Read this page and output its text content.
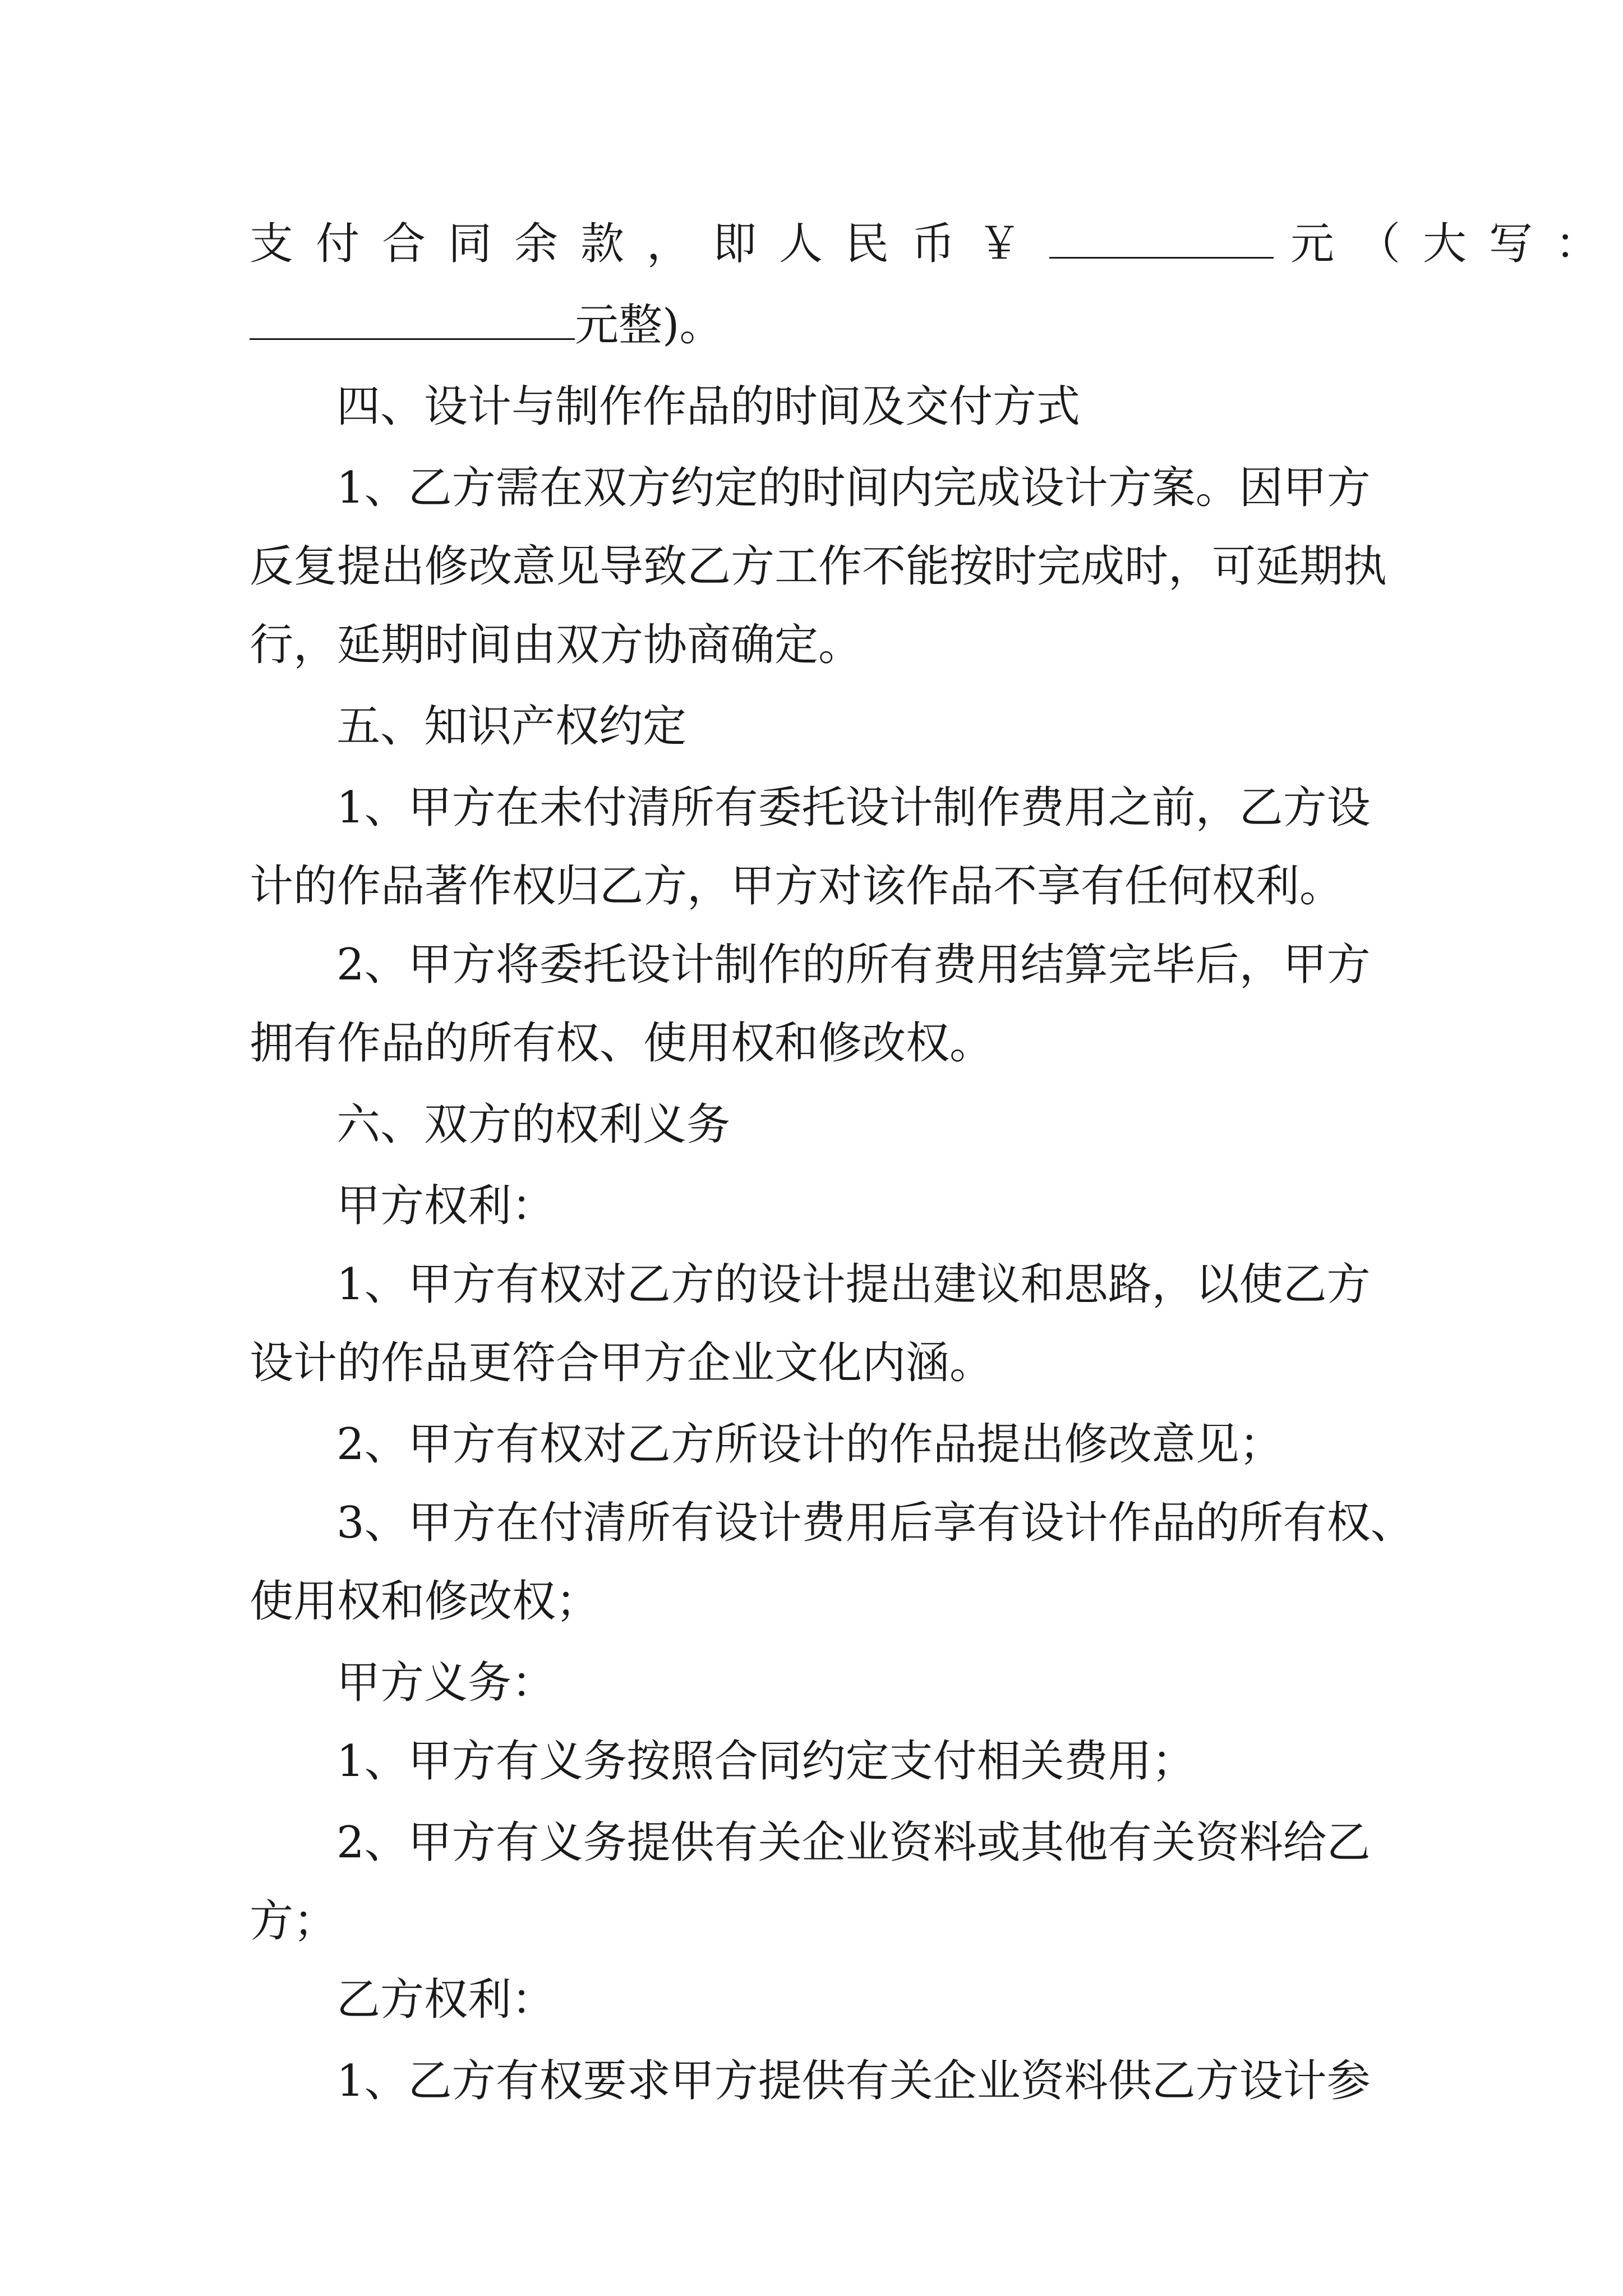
支付合同余款，即人民币￥	元（大写：
元整)。
四、设计与制作作品的时间及交付方式
1、乙方需在双方约定的时间内完成设计方案。因甲方
反复提出修改意见导致乙方工作不能按时完成时，可延期执
行，延期时间由双方协商确定。
五、知识产权约定
1、甲方在未付清所有委托设计制作费用之前，乙方设
计的作品著作权归乙方，甲方对该作品不享有任何权利。
2、甲方将委托设计制作的所有费用结算完毕后，甲方
拥有作品的所有权、使用权和修改权。
六、双方的权利义务
甲方权利：
1、甲方有权对乙方的设计提出建议和思路，以使乙方
设计的作品更符合甲方企业文化内涵。
2、甲方有权对乙方所设计的作品提出修改意见；
3、甲方在付清所有设计费用后享有设计作品的所有权、
使用权和修改权；
甲方义务：
1、甲方有义务按照合同约定支付相关费用；
2、甲方有义务提供有关企业资料或其他有关资料给乙
方；
乙方权利：
1、乙方有权要求甲方提供有关企业资料供乙方设计参
